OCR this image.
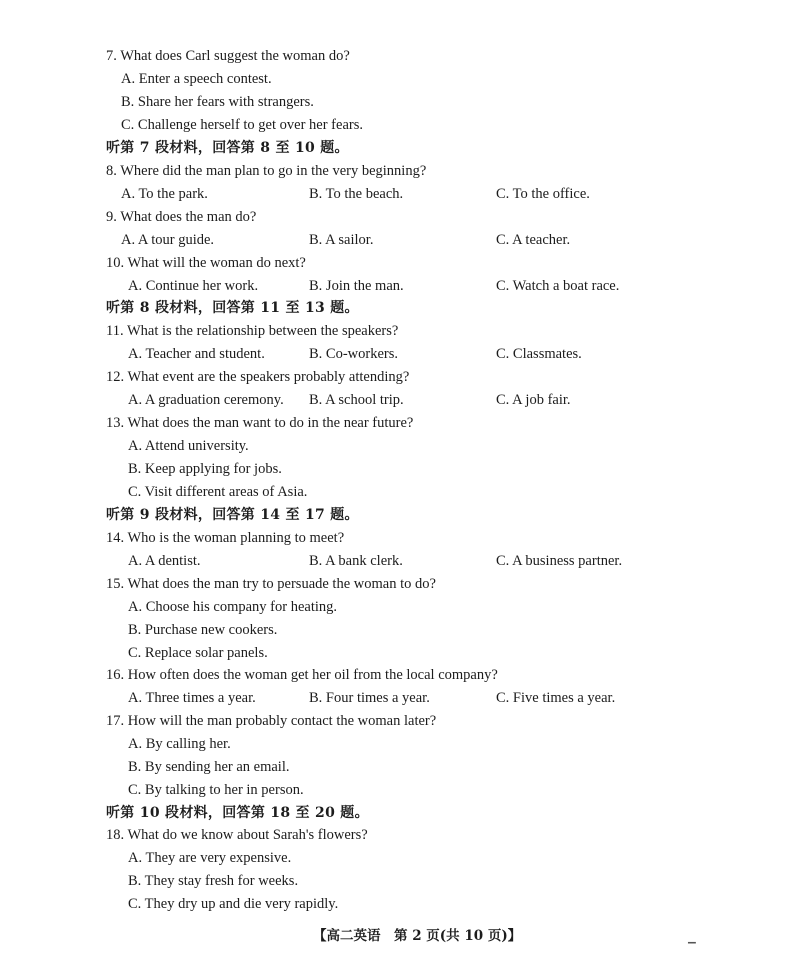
7. What does Carl suggest the woman do?
A. Enter a speech contest.
B. Share her fears with strangers.
C. Challenge herself to get over her fears.
听第 7 段材料，回答第 8 至 10 题。
8. Where did the man plan to go in the very beginning?
A. To the park.	B. To the beach.	C. To the office.
9. What does the man do?
A. A tour guide.	B. A sailor.	C. A teacher.
10. What will the woman do next?
A. Continue her work.	B. Join the man.	C. Watch a boat race.
听第 8 段材料，回答第 11 至 13 题。
11. What is the relationship between the speakers?
A. Teacher and student.	B. Co-workers.	C. Classmates.
12. What event are the speakers probably attending?
A. A graduation ceremony. B. A school trip.	C. A job fair.
13. What does the man want to do in the near future?
A. Attend university.
B. Keep applying for jobs.
C. Visit different areas of Asia.
听第 9 段材料，回答第 14 至 17 题。
14. Who is the woman planning to meet?
A. A dentist.	B. A bank clerk.	C. A business partner.
15. What does the man try to persuade the woman to do?
A. Choose his company for heating.
B. Purchase new cookers.
C. Replace solar panels.
16. How often does the woman get her oil from the local company?
A. Three times a year.	B. Four times a year.	C. Five times a year.
17. How will the man probably contact the woman later?
A. By calling her.
B. By sending her an email.
C. By talking to her in person.
听第 10 段材料，回答第 18 至 20 题。
18. What do we know about Sarah's flowers?
A. They are very expensive.
B. They stay fresh for weeks.
C. They dry up and die very rapidly.
【高二英语　第 2 页(共 10 页)】	▁
